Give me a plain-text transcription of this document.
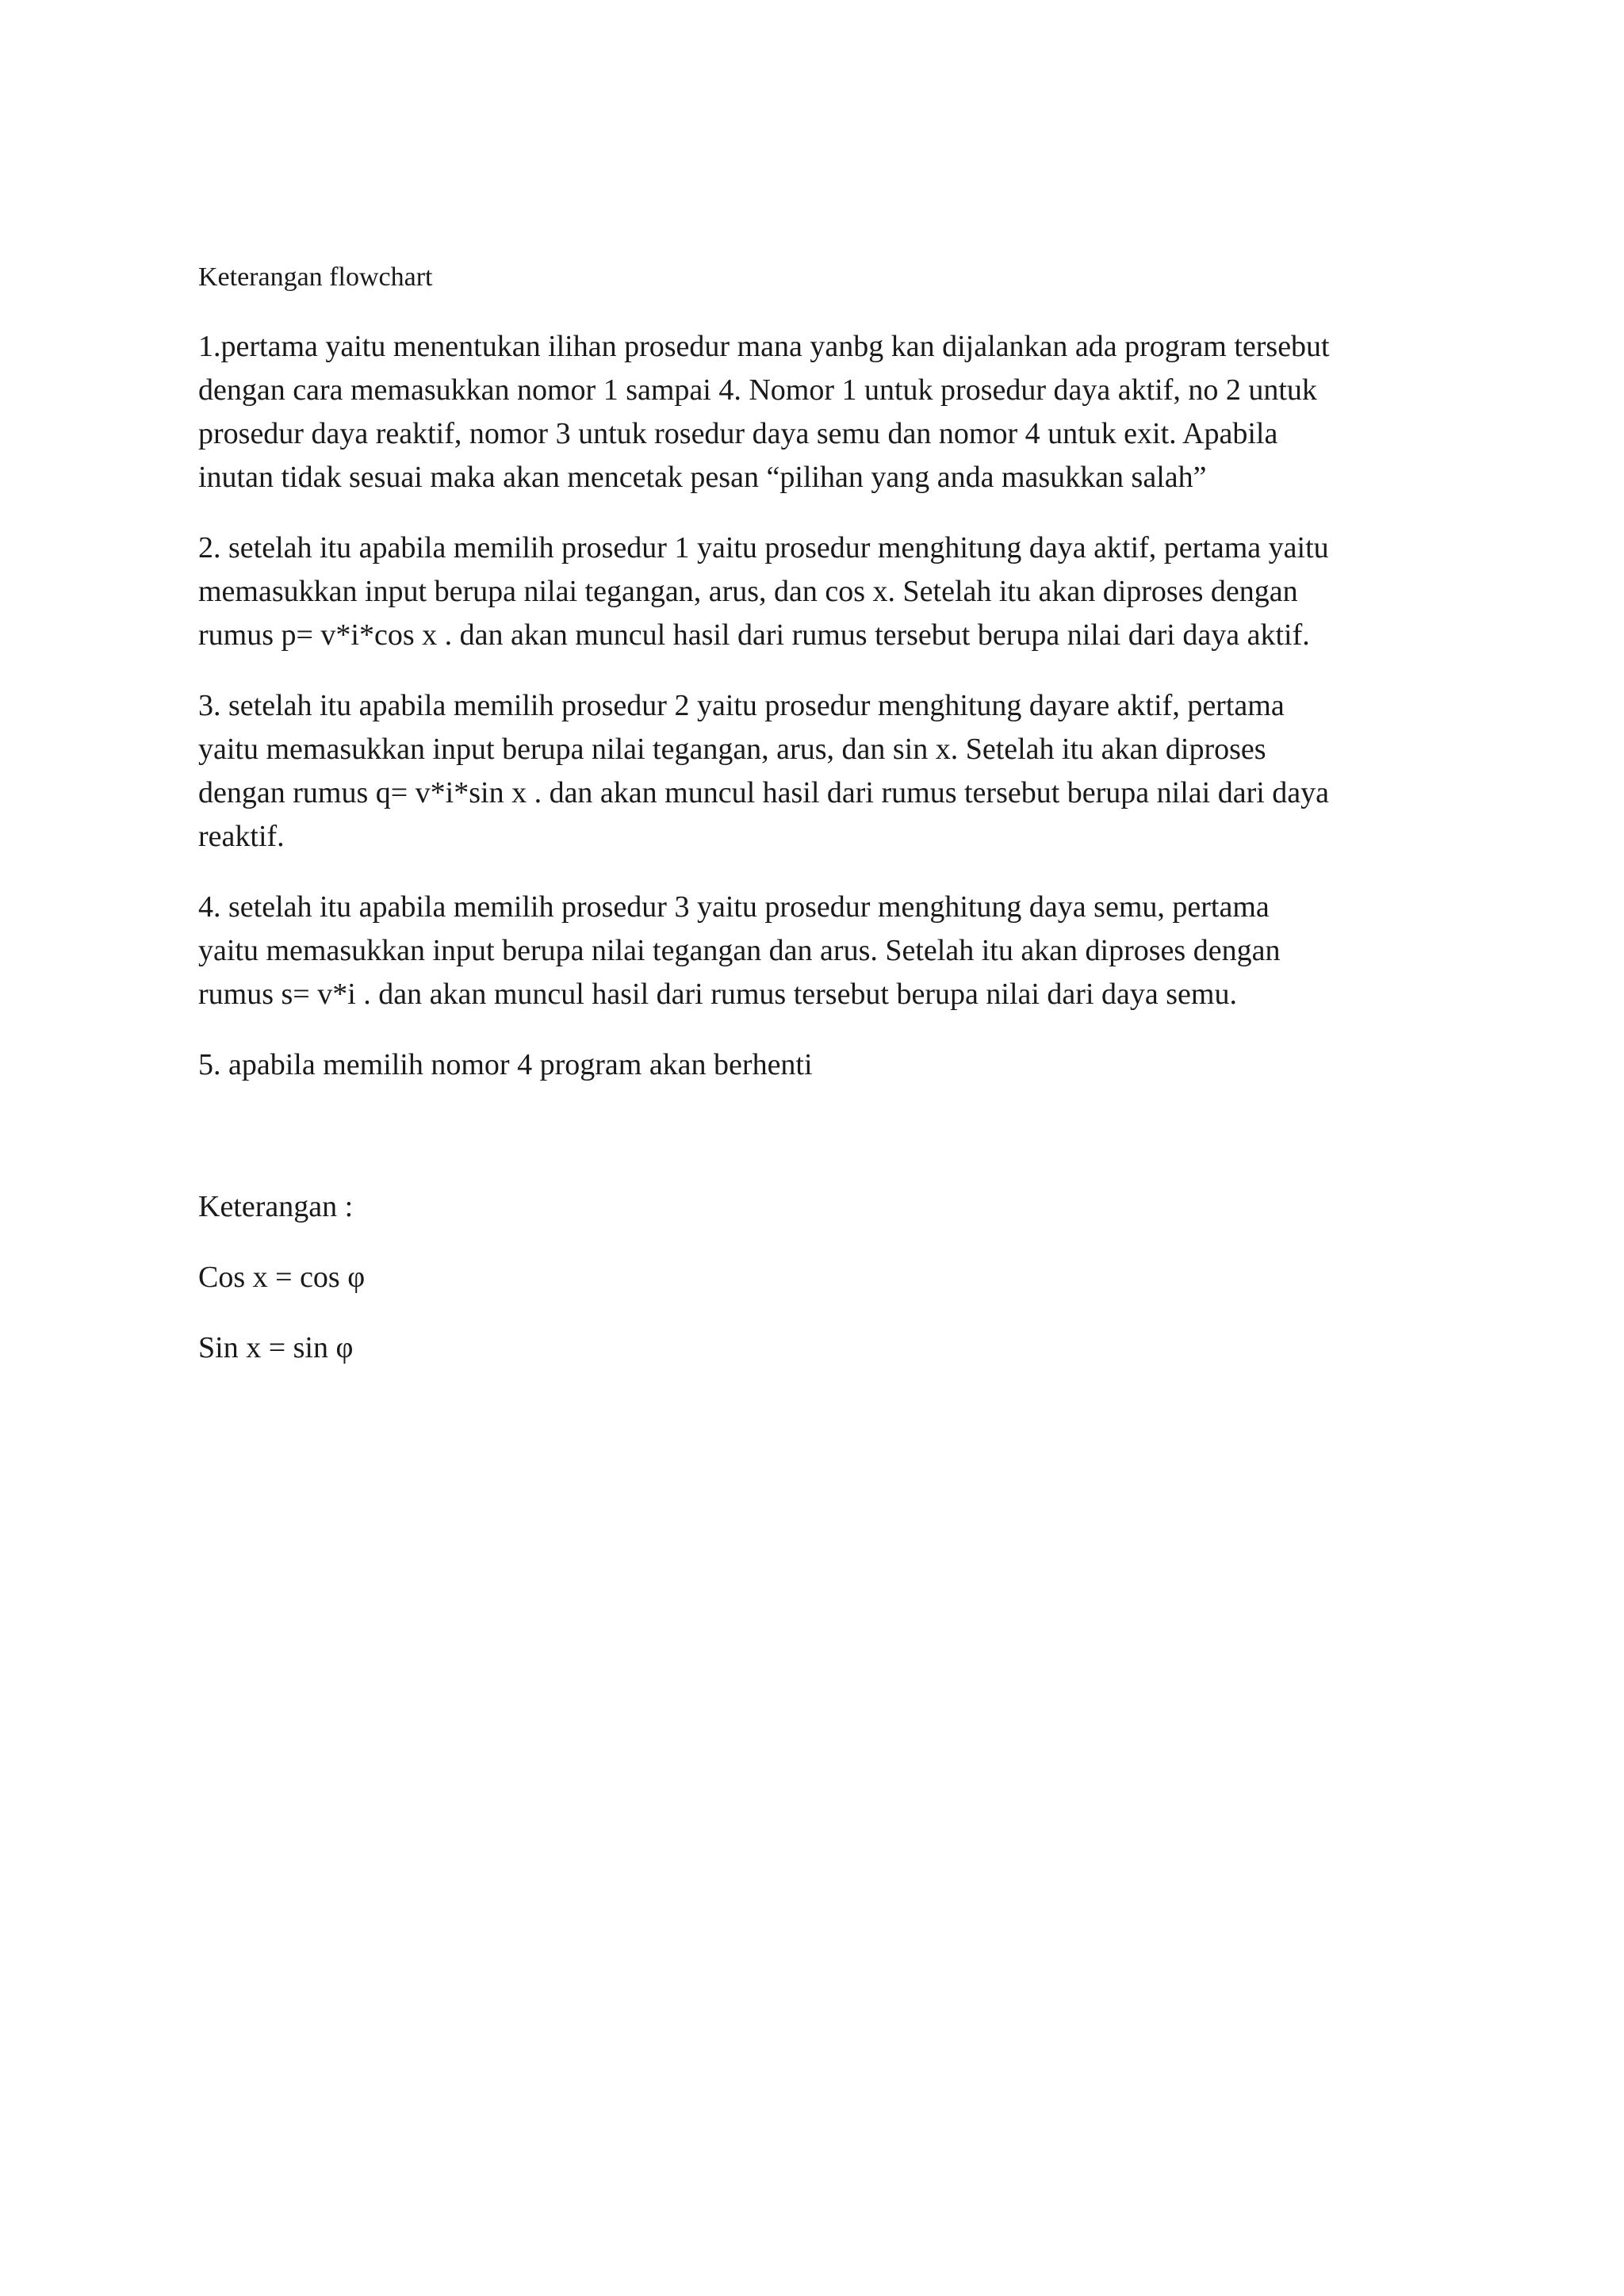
Keterangan flowchart
1.pertama yaitu menentukan ilihan prosedur mana yanbg kan dijalankan ada program tersebut
dengan cara memasukkan nomor 1 sampai 4. Nomor 1 untuk prosedur daya aktif, no 2 untuk
prosedur daya reaktif, nomor 3 untuk rosedur daya semu dan nomor 4 untuk exit. Apabila
inutan tidak sesuai maka akan mencetak pesan “pilihan yang anda masukkan salah”
2. setelah itu apabila memilih prosedur 1 yaitu prosedur menghitung daya aktif, pertama yaitu
memasukkan input berupa nilai tegangan, arus, dan cos x. Setelah itu akan diproses dengan
rumus p= v*i*cos x . dan akan muncul hasil dari rumus tersebut berupa nilai dari daya aktif.
3. setelah itu apabila memilih prosedur 2 yaitu prosedur menghitung dayare aktif, pertama
yaitu memasukkan input berupa nilai tegangan, arus, dan sin x. Setelah itu akan diproses
dengan rumus q= v*i*sin x . dan akan muncul hasil dari rumus tersebut berupa nilai dari daya
reaktif.
4. setelah itu apabila memilih prosedur 3 yaitu prosedur menghitung daya semu, pertama
yaitu memasukkan input berupa nilai tegangan dan arus. Setelah itu akan diproses dengan
rumus s= v*i . dan akan muncul hasil dari rumus tersebut berupa nilai dari daya semu.
5. apabila memilih nomor 4 program akan berhenti
Keterangan :
Cos x = cos φ
Sin x = sin φ
